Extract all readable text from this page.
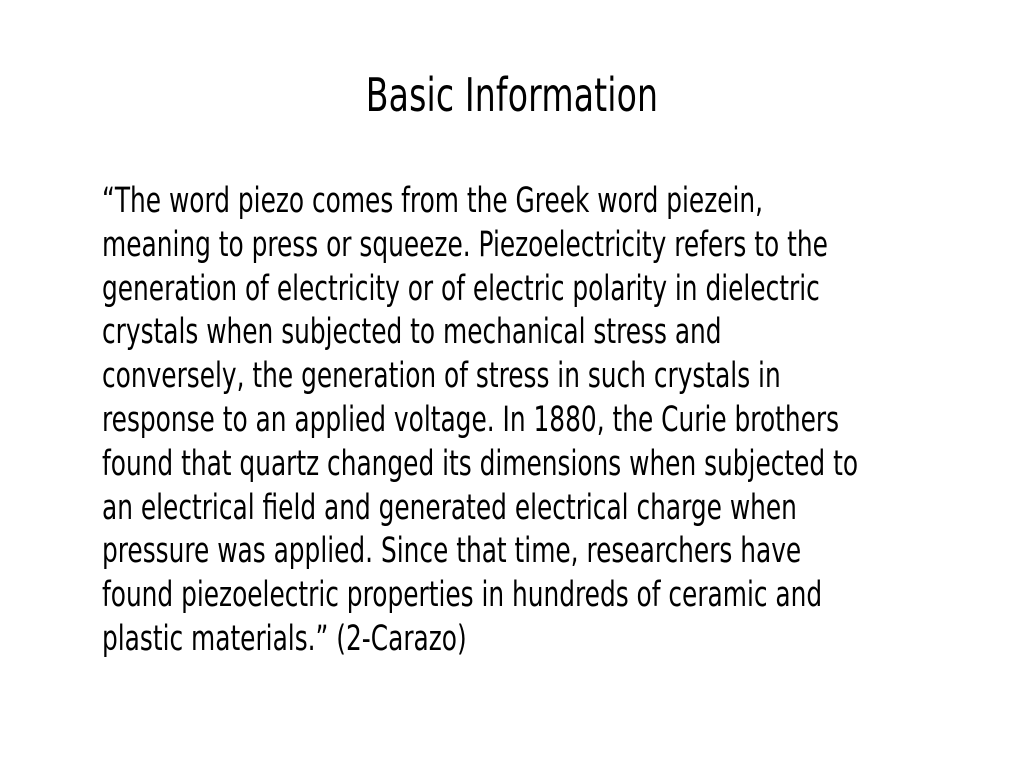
Basic Information
“The word piezo comes from the Greek word piezein,
meaning to press or squeeze. Piezoelectricity refers to the
generation of electricity or of electric polarity in dielectric
crystals when subjected to mechanical stress and
conversely, the generation of stress in such crystals in
response to an applied voltage. In 1880, the Curie brothers
found that quartz changed its dimensions when subjected to
an electrical field and generated electrical charge when
pressure was applied. Since that time, researchers have
found piezoelectric properties in hundreds of ceramic and
plastic materials.” (2-Carazo)
